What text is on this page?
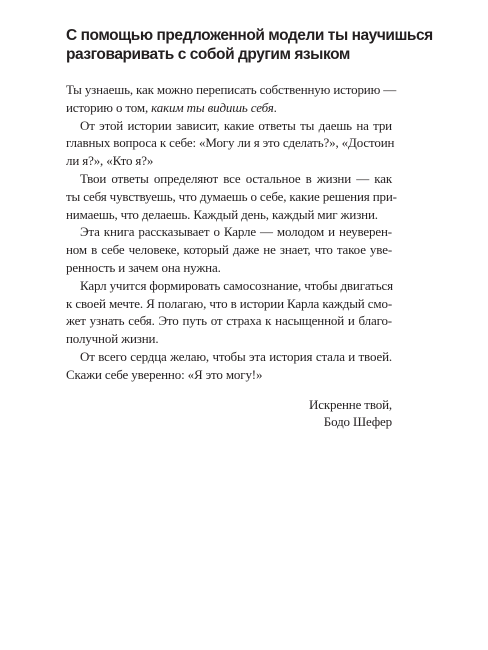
С помощью предложенной модели ты научишься
разговаривать с собой другим языком

Ты узнаешь, как можно переписать собственную историю —
историю о том, каким ты видишь себя.

От этой истории зависит, какие ответы ты даешь на три
главных вопроса к себе: «Могу ли я это сделать?», «Достоин
ли я?», «Кто я?»

Твои ответы определяют все остальное в жизни — как
ты себя чувствуешь, что думаешь о себе, какие решения при-
нимаешь, что делаешь. Каждый день, каждый миг жизни.

Эта книга рассказывает о Карле — молодом и неуверен-
ном в себе человеке, который даже не знает, что такое уве-
ренность и зачем она нужна.

Карл учится формировать самосознание, чтобы двигаться
к своей мечте. Я полагаю, что в истории Карла каждый смо-
жет узнать себя. Это путь от страха к насыщенной и благо-
получной жизни.

От всего сердца желаю, чтобы эта история стала и твоей.
Скажи себе уверенно: «Я это могу!»

Искренне твой,
Бодо Шефер
